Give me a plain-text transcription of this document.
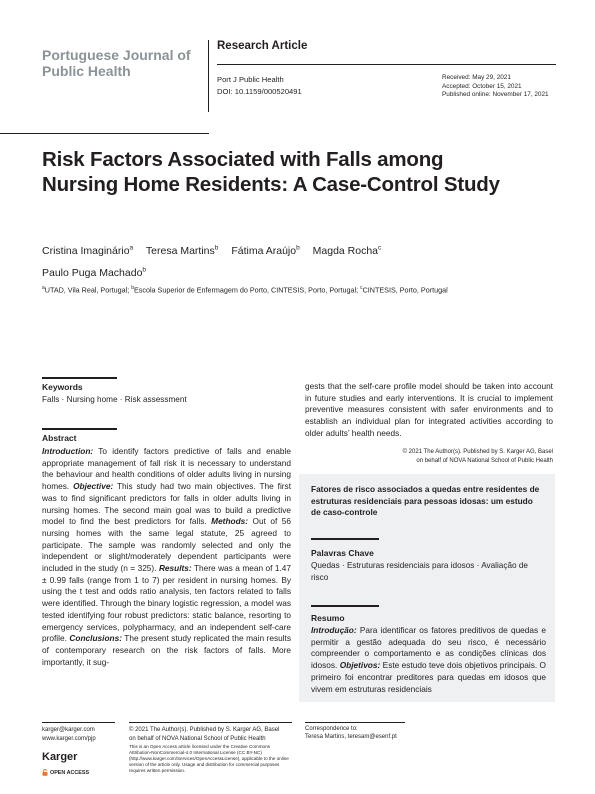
Portuguese Journal of Public Health
Research Article
Port J Public Health
DOI: 10.1159/000520491
Received: May 29, 2021
Accepted: October 15, 2021
Published online: November 17, 2021
Risk Factors Associated with Falls among Nursing Home Residents: A Case-Control Study
Cristina Imaginário$^a$ Teresa Martins$^b$ Fátima Araújo$^b$ Magda Rocha$^c$
Paulo Puga Machado$^b$
$^a$UTAD, Vila Real, Portugal; $^b$Escola Superior de Enfermagem do Porto, CINTESIS, Porto, Portugal; $^c$CINTESIS, Porto, Portugal
Keywords
Falls · Nursing home · Risk assessment
Abstract
Introduction: To identify factors predictive of falls and enable appropriate management of fall risk it is necessary to understand the behaviour and health conditions of older adults living in nursing homes. Objective: This study had two main objectives. The first was to find significant predictors for falls in older adults living in nursing homes. The second main goal was to build a predictive model to find the best predictors for falls. Methods: Out of 56 nursing homes with the same legal statute, 25 agreed to participate. The sample was randomly selected and only the independent or slight/moderately dependent participants were included in the study (n = 325). Results: There was a mean of 1.47 ± 0.99 falls (range from 1 to 7) per resident in nursing homes. By using the t test and odds ratio analysis, ten factors related to falls were identified. Through the binary logistic regression, a model was tested identifying four robust predictors: static balance, resorting to emergency services, polypharmacy, and an independent self-care profile. Conclusions: The present study replicated the main results of contemporary research on the risk factors of falls. More importantly, it sug-
gests that the self-care profile model should be taken into account in future studies and early interventions. It is crucial to implement preventive measures consistent with safer environments and to establish an individual plan for integrated activities according to older adults’ health needs.
© 2021 The Author(s). Published by S. Karger AG, Basel
on behalf of NOVA National School of Public Health
Fatores de risco associados a quedas entre residentes de estruturas residenciais para pessoas idosas: um estudo de caso-controle
Palavras Chave
Quedas · Estruturas residenciais para idosos · Avaliação de risco
Resumo
Introdução: Para identificar os fatores preditivos de quedas e permitir a gestão adequada do seu risco, é necessário compreender o comportamento e as condições clínicas dos idosos. Objetivos: Este estudo teve dois objetivos principais. O primeiro foi encontrar preditores para quedas em idosos que vivem em estruturas residenciais
karger@karger.com
www.karger.com/pjp
Karger
OPEN ACCESS
© 2021 The Author(s). Published by S. Karger AG, Basel
on behalf of NOVA National School of Public Health
This is an Open Access article licensed under the Creative Commons Attribution-NonCommercial-4.0 International License (CC BY-NC) (http://www.karger.com/Services/OpenAccessLicense), applicable to the online version of the article only. Usage and distribution for commercial purposes requires written permission.
Correspondence to:
Teresa Martins, teresam@esenf.pt
